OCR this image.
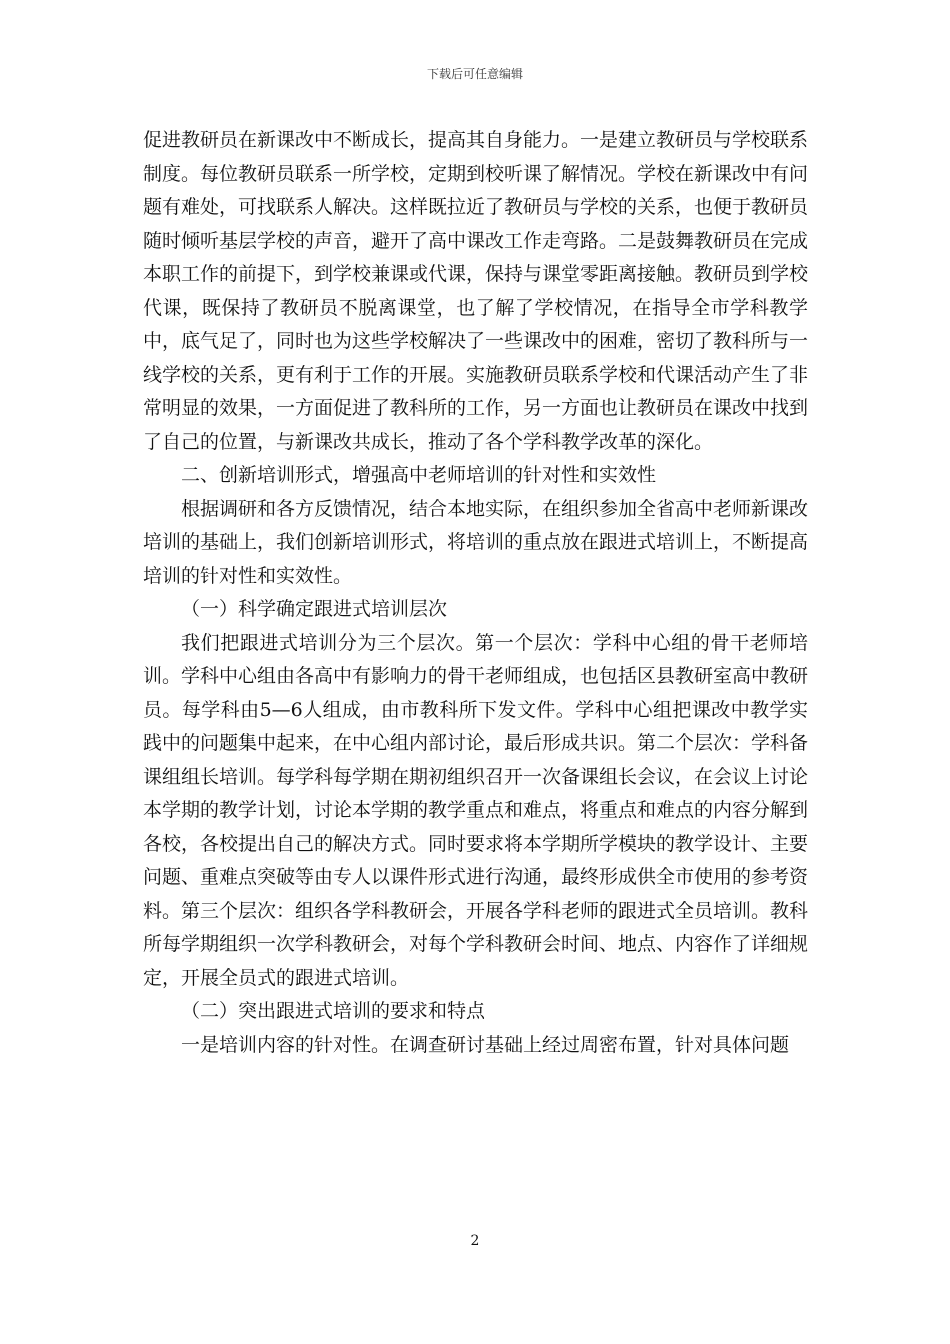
下载后可任意编辑

促进教研员在新课改中不断成长，提高其自身能力。一是建立教研员与学校联系制度。每位教研员联系一所学校，定期到校听课了解情况。学校在新课改中有问题有难处，可找联系人解决。这样既拉近了教研员与学校的关系，也便于教研员随时倾听基层学校的声音，避开了高中课改工作走弯路。二是鼓舞教研员在完成本职工作的前提下，到学校兼课或代课，保持与课堂零距离接触。教研员到学校代课，既保持了教研员不脱离课堂，也了解了学校情况，在指导全市学科教学中，底气足了，同时也为这些学校解决了一些课改中的困难，密切了教科所与一线学校的关系，更有利于工作的开展。实施教研员联系学校和代课活动产生了非常明显的效果，一方面促进了教科所的工作，另一方面也让教研员在课改中找到了自己的位置，与新课改共成长，推动了各个学科教学改革的深化。

二、创新培训形式，增强高中老师培训的针对性和实效性

根据调研和各方反馈情况，结合本地实际，在组织参加全省高中老师新课改培训的基础上，我们创新培训形式，将培训的重点放在跟进式培训上，不断提高培训的针对性和实效性。

（一）科学确定跟进式培训层次

我们把跟进式培训分为三个层次。第一个层次：学科中心组的骨干老师培训。学科中心组由各高中有影响力的骨干老师组成，也包括区县教研室高中教研员。每学科由5—6人组成，由市教科所下发文件。学科中心组把课改中教学实践中的问题集中起来，在中心组内部讨论，最后形成共识。第二个层次：学科备课组组长培训。每学科每学期在期初组织召开一次备课组长会议，在会议上讨论本学期的教学计划，讨论本学期的教学重点和难点，将重点和难点的内容分解到各校，各校提出自己的解决方式。同时要求将本学期所学模块的教学设计、主要问题、重难点突破等由专人以课件形式进行沟通，最终形成供全市使用的参考资料。第三个层次：组织各学科教研会，开展各学科老师的跟进式全员培训。教科所每学期组织一次学科教研会，对每个学科教研会时间、地点、内容作了详细规定，开展全员式的跟进式培训。

（二）突出跟进式培训的要求和特点

一是培训内容的针对性。在调查研讨基础上经过周密布置，针对具体问题

2
